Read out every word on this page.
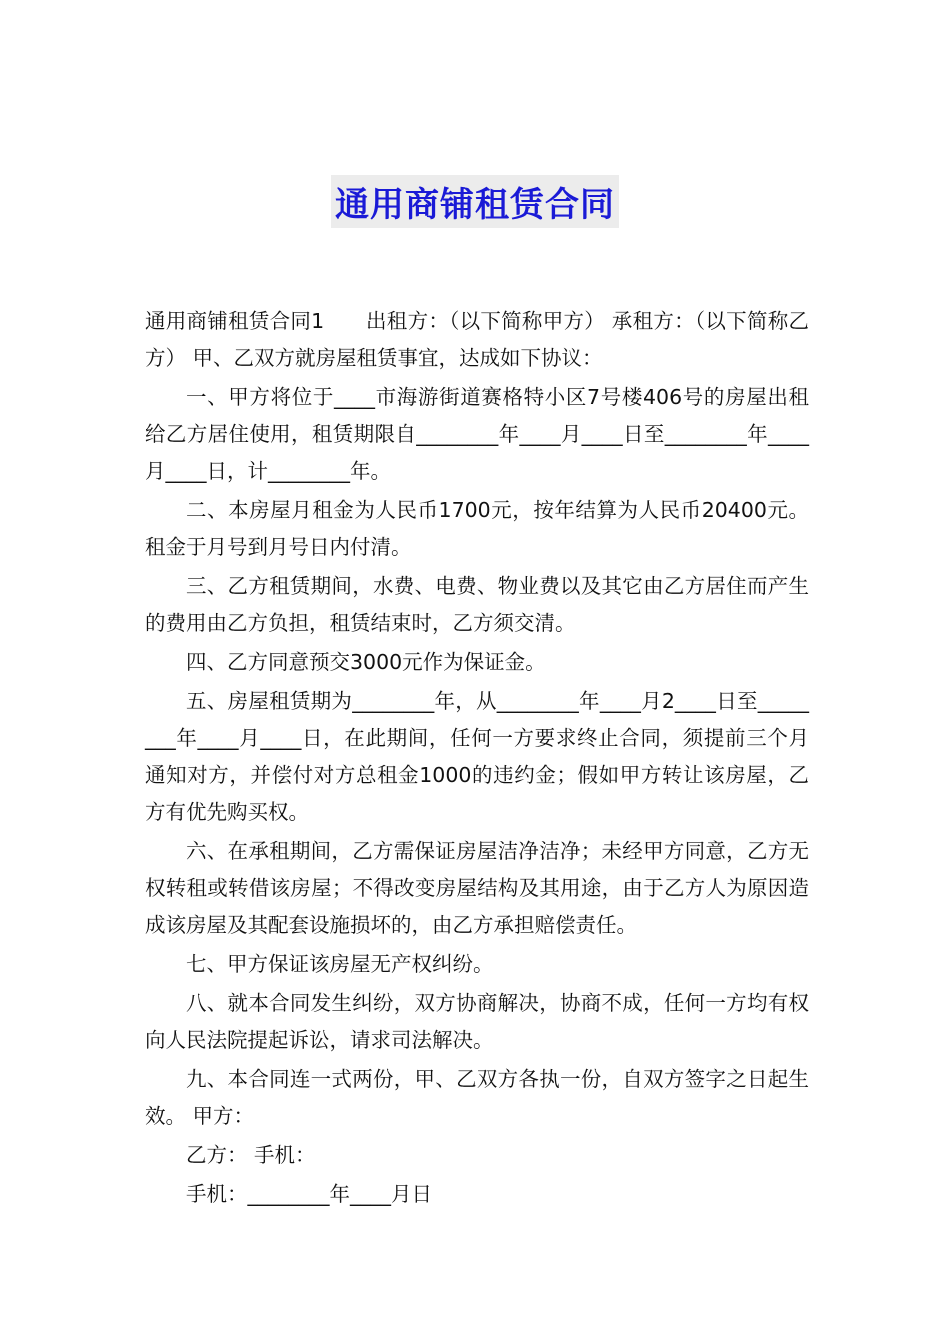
通用商铺租赁合同

通用商铺租赁合同1　　出租方：（以下简称甲方） 承租方：（以下简称乙方） 甲、乙双方就房屋租赁事宜，达成如下协议：

一、甲方将位于____市海游街道赛格特小区7号楼406号的房屋出租给乙方居住使用，租赁期限自________年____月____日至________年____月____日，计________年。

二、本房屋月租金为人民币1700元，按年结算为人民币20400元。租金于月号到月号日内付清。

三、乙方租赁期间，水费、电费、物业费以及其它由乙方居住而产生的费用由乙方负担，租赁结束时，乙方须交清。

四、乙方同意预交3000元作为保证金。

五、房屋租赁期为________年，从________年____月2____日至________年____月____日，在此期间，任何一方要求终止合同，须提前三个月通知对方，并偿付对方总租金1000的违约金；假如甲方转让该房屋，乙方有优先购买权。

六、在承租期间，乙方需保证房屋洁净洁净；未经甲方同意，乙方无权转租或转借该房屋；不得改变房屋结构及其用途，由于乙方人为原因造成该房屋及其配套设施损坏的，由乙方承担赔偿责任。

七、甲方保证该房屋无产权纠纷。

八、就本合同发生纠纷，双方协商解决，协商不成，任何一方均有权向人民法院提起诉讼，请求司法解决。

九、本合同连一式两份，甲、乙双方各执一份，自双方签字之日起生效。 甲方：

乙方： 手机：

手机：________年____月日
